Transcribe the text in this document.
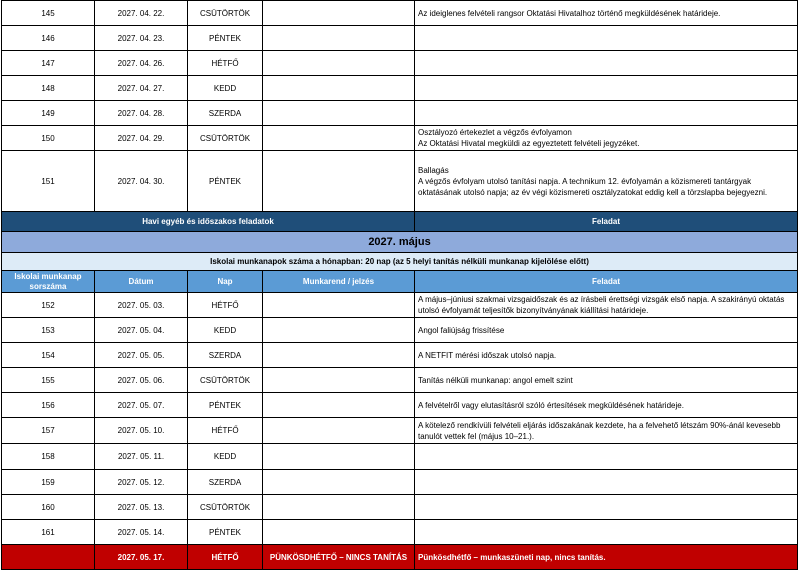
145	2027. 04. 22.	CSÜTÖRTÖK		Az ideiglenes felvételi rangsor Oktatási Hivatalhoz történő megküldésének határideje.

146	2027. 04. 23.	PÉNTEK		
147	2027. 04. 26.	HÉTFŐ		
148	2027. 04. 27.	KEDD		
149	2027. 04. 28.	SZERDA		
150	2027. 04. 29.	CSÜTÖRTÖK		Osztályozó értekezlet a végzős évfolyamon
Az Oktatási Hivatal megküldi az egyeztetett felvételi jegyzéket.

151	2027. 04. 30.	PÉNTEK		Ballagás
A végzős évfolyam utolsó tanítási napja. A technikum 12. évfolyamán a közismereti tantárgyak
oktatásának utolsó napja; az év végi közismereti osztályzatokat eddig kell a törzslapba bejegyezni.

Havi egyéb és időszakos feladatok				Feladat
2027. május				
Iskolai munkanapok száma a hónapban: 20 nap (az 5 helyi tanítás nélküli munkanap kijelölése előtt)				
Iskolai munkanap sorszáma	Dátum	Nap	Munkarend / jelzés	Feladat
152	2027. 05. 03.	HÉTFŐ		A május–júniusi szakmai vizsgaidőszak és az írásbeli érettségi vizsgák első napja. A szakirányú oktatás
utolsó évfolyamát teljesítők bizonyítványának kiállítási határideje.

153	2027. 05. 04.	KEDD		Angol faliújság frissítése

154	2027. 05. 05.	SZERDA		A NETFIT mérési időszak utolsó napja.

155	2027. 05. 06.	CSÜTÖRTÖK		Tanítás nélküli munkanap: angol emelt szint

156	2027. 05. 07.	PÉNTEK		A felvételről vagy elutasításról szóló értesítések megküldésének határideje.

157	2027. 05. 10.	HÉTFŐ		A kötelező rendkívüli felvételi eljárás időszakának kezdete, ha a felvehető létszám 90%-ánál kevesebb
tanulót vettek fel (május 10–21.).

158	2027. 05. 11.	KEDD		
159	2027. 05. 12.	SZERDA		
160	2027. 05. 13.	CSÜTÖRTÖK		
161	2027. 05. 14.	PÉNTEK		
	2027. 05. 17.	HÉTFŐ	PÜNKÖSDHÉTFŐ – NINCS TANÍTÁS	Pünkösdhétfő – munkaszüneti nap, nincs tanítás.
